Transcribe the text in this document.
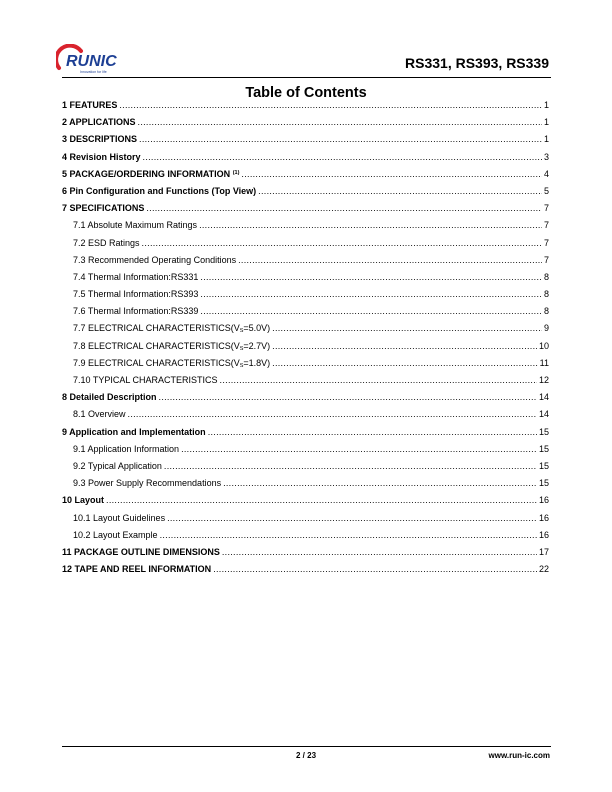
RUNIC
Innovation for life
RS331, RS393, RS339
Table of Contents
1 FEATURES .....	1
2 APPLICATIONS .....	1
3 DESCRIPTIONS .....	1
4 Revision History .....	3
5 PACKAGE/ORDERING INFORMATION $^{(1)}$ .....	4
6 Pin Configuration and Functions (Top View) .....	5
7 SPECIFICATIONS .....	7
7.1 Absolute Maximum Ratings .....	7
7.2 ESD Ratings .....	7
7.3 Recommended Operating Conditions .....	7
7.4 Thermal Information:RS331 .....	8
7.5 Thermal Information:RS393 .....	8
7.6 Thermal Information:RS339 .....	8
7.7 ELECTRICAL $CHARACTERISTICS(V_S=5.0V)$ .....	9
7.8 ELECTRICAL $CHARACTERISTICS(V_S=2.7V)$ .....	10
7.9 ELECTRICAL $CHARACTERISTICS(V_S=1.8V)$ .....	11
7.10 TYPICAL CHARACTERISTICS .....	12
8 Detailed Description .....	14
8.1 Overview .....	14
9 Application and Implementation .....	15
9.1 Application Information .....	15
9.2 Typical Application .....	15
9.3 Power Supply Recommendations .....	15
10 Layout .....	16
10.1 Layout Guidelines .....	16
10.2 Layout Example .....	16
11 PACKAGE OUTLINE DIMENSIONS .....	17
12 TAPE AND REEL INFORMATION .....	22
2 / 23	www.run-ic.com
